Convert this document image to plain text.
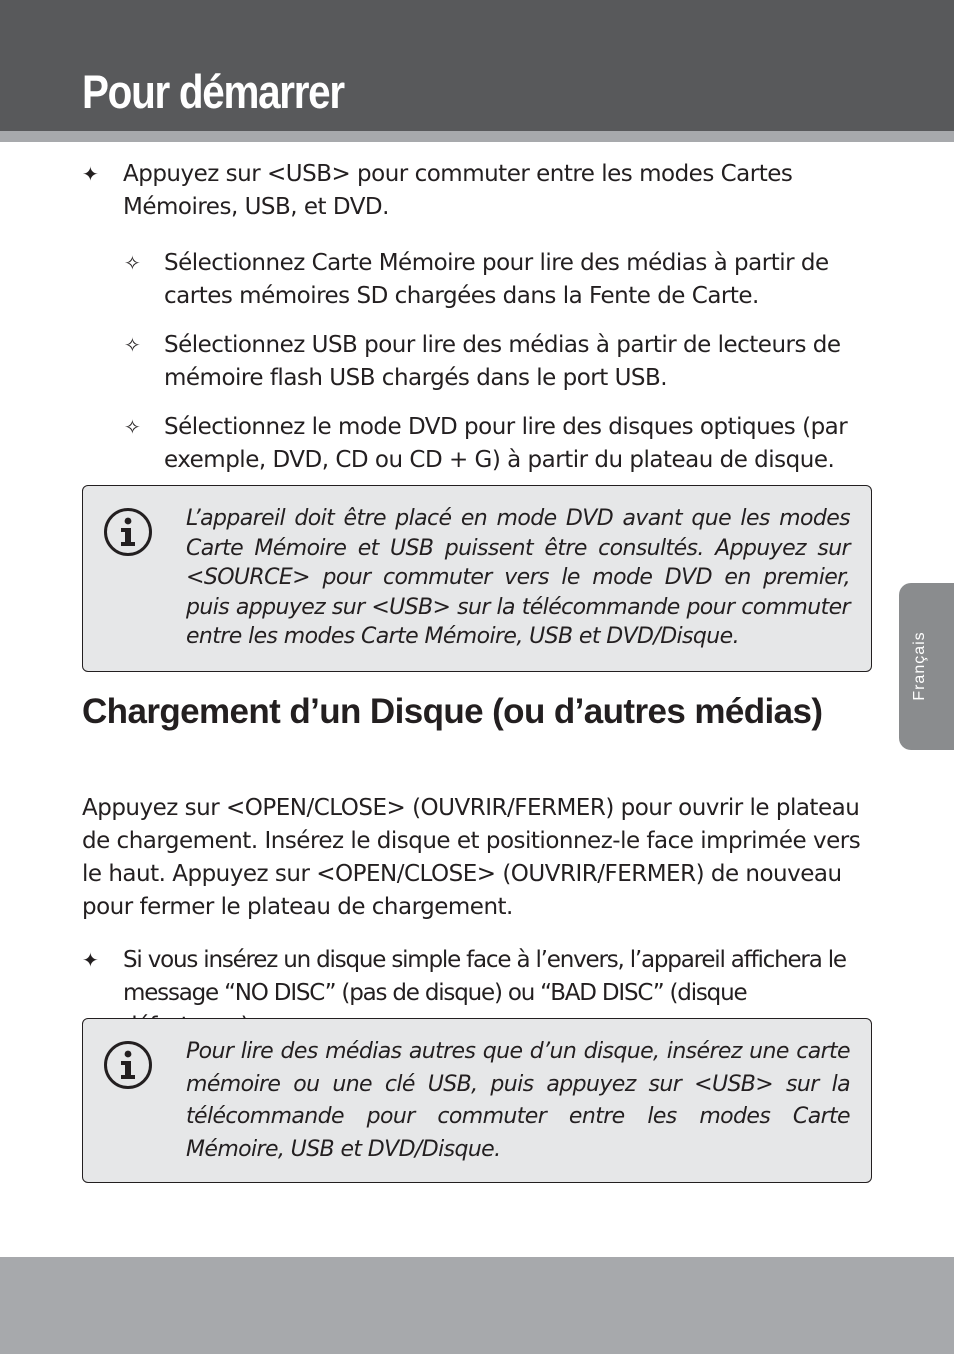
Pour démarrer
Français
✦	Appuyez sur <USB> pour commuter entre les modes Cartes Mémoires, USB, et DVD.
✧	Sélectionnez Carte Mémoire pour lire des médias à partir de cartes mémoires SD chargées dans la Fente de Carte.
✧	Sélectionnez USB pour lire des médias à partir de lecteurs de mémoire flash USB chargés dans le port USB.
✧	Sélectionnez le mode DVD pour lire des disques optiques (par exemple, DVD, CD ou CD + G) à partir du plateau de disque.
L’appareil doit être placé en mode DVD avant que les modes Carte Mémoire et USB puissent être consultés. Appuyez sur <SOURCE> pour commuter vers le mode DVD en premier, puis appuyez sur <USB> sur la télécommande pour commuter entre les modes Carte Mémoire, USB et DVD/Disque.
Chargement d’un Disque (ou d’autres médias)

Appuyez sur <OPEN/CLOSE> (OUVRIR/FERMER) pour ouvrir le plateau de chargement. Insérez le disque et positionnez-le face imprimée vers le haut. Appuyez sur <OPEN/CLOSE> (OUVRIR/FERMER) de nouveau pour fermer le plateau de chargement.

✦	Si vous insérez un disque simple face à l’envers, l’appareil affichera le message “NO DISC” (pas de disque) ou “BAD DISC” (disque
Pour lire des médias autres que d’un disque, insérez une carte mémoire ou une clé USB, puis appuyez sur <USB> sur la télécommande pour commuter entre les modes Carte Mémoire, USB et DVD/Disque.
